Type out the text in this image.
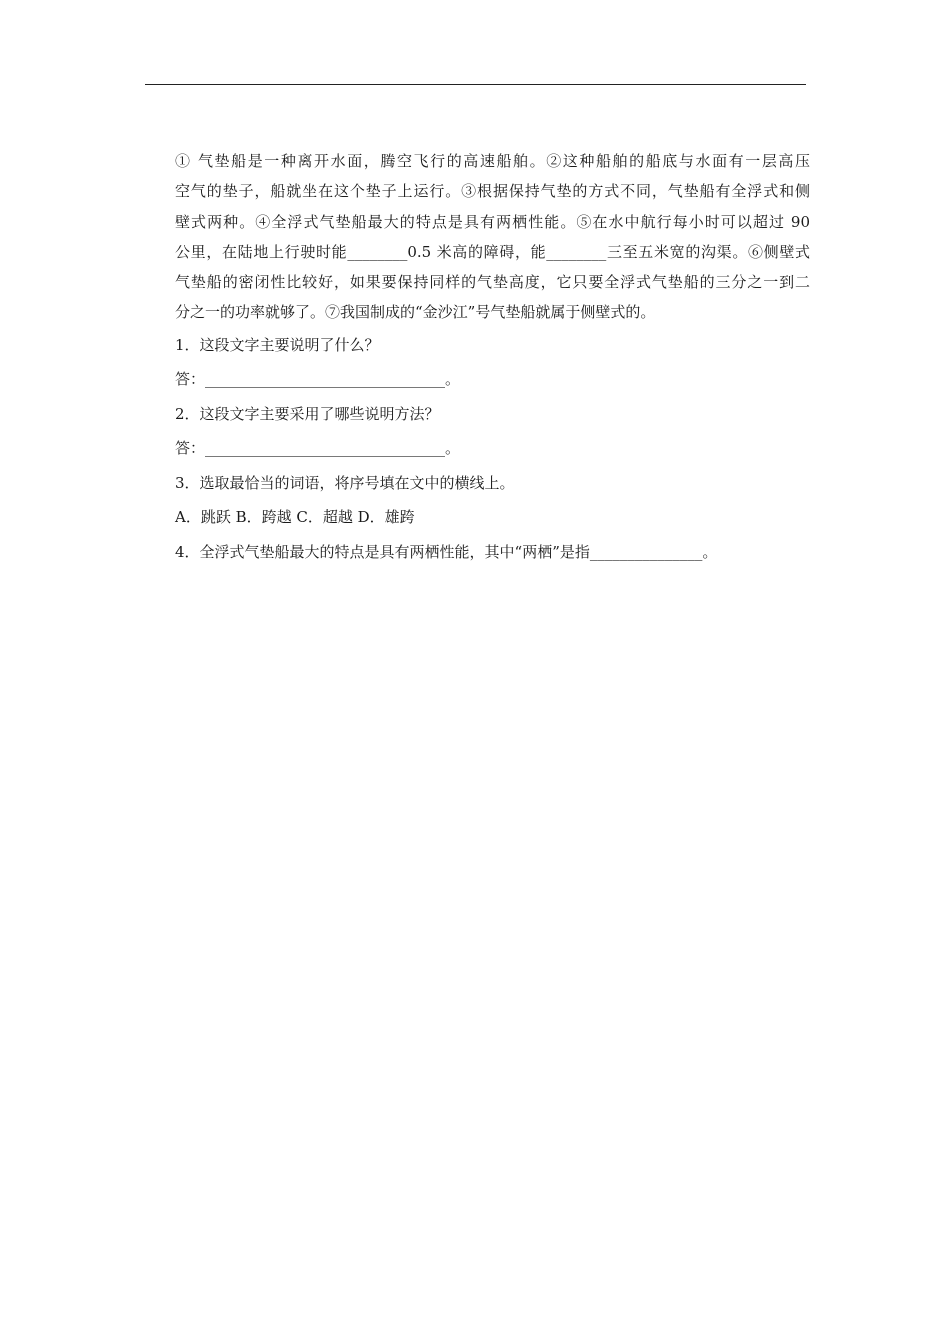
① 气垫船是一种离开水面，腾空飞行的高速船舶。②这种船舶的船底与水面有一层高压
空气的垫子，船就坐在这个垫子上运行。③根据保持气垫的方式不同，气垫船有全浮式和侧
壁式两种。④全浮式气垫船最大的特点是具有两栖性能。⑤在水中航行每小时可以超过 90
公里，在陆地上行驶时能________0.5 米高的障碍，能________三至五米宽的沟渠。⑥侧壁式
气垫船的密闭性比较好，如果要保持同样的气垫高度，它只要全浮式气垫船的三分之一到二
分之一的功率就够了。⑦我国制成的“金沙江”号气垫船就属于侧壁式的。

1．这段文字主要说明了什么？

答：________________________________。

2．这段文字主要采用了哪些说明方法？

答：________________________________。

3．选取最恰当的词语，将序号填在文中的横线上。

A．跳跃 B．跨越 C．超越 D．雄跨

4．全浮式气垫船最大的特点是具有两栖性能，其中“两栖”是指_______________。
